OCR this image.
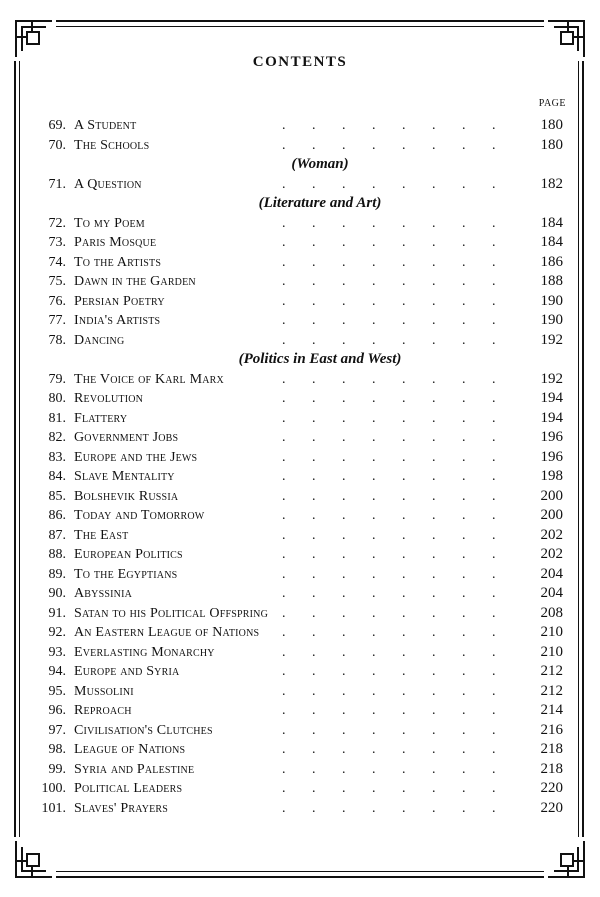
CONTENTS
PAGE
69. A Student	. . . . . . . .	180
70. The Schools	. . . . . . . .	180
(Woman)
71. A Question	. . . . . . . .	182
(Literature and Art)
72. To my Poem	. . . . . . . .	184
73. Paris Mosque	. . . . . . . .	184
74. To the Artists	. . . . . . . .	186
75. Dawn in the Garden	. . . . . . . .	188
76. Persian Poetry	. . . . . . . .	190
77. India's Artists	. . . . . . . .	190
78. Dancing	. . . . . . . .	192
(Politics in East and West)
79. The Voice of Karl Marx	. . . . . . . .	192
80. Revolution	. . . . . . . .	194
81. Flattery	. . . . . . . .	194
82. Government Jobs	. . . . . . . .	196
83. Europe and the Jews	. . . . . . . .	196
84. Slave Mentality	. . . . . . . .	198
85. Bolshevik Russia	. . . . . . . .	200
86. Today and Tomorrow	. . . . . . . .	200
87. The East	. . . . . . . .	202
88. European Politics	. . . . . . . .	202
89. To the Egyptians	. . . . . . . .	204
90. Abyssinia	. . . . . . . .	204
91. Satan to his Political Offspring . . . . . . . .	208
92. An Eastern League of Nations . . . . . . . .	210
93. Everlasting Monarchy	. . . . . . . .	210
94. Europe and Syria	. . . . . . . .	212
95. Mussolini	. . . . . . . .	212
96. Reproach	. . . . . . . .	214
97. Civilisation's Clutches	. . . . . . . .	216
98. League of Nations	. . . . . . . .	218
99. Syria and Palestine	. . . . . . . .	218
100. Political Leaders	. . . . . . . .	220
101. Slaves' Prayers	. . . . . . . .	220
